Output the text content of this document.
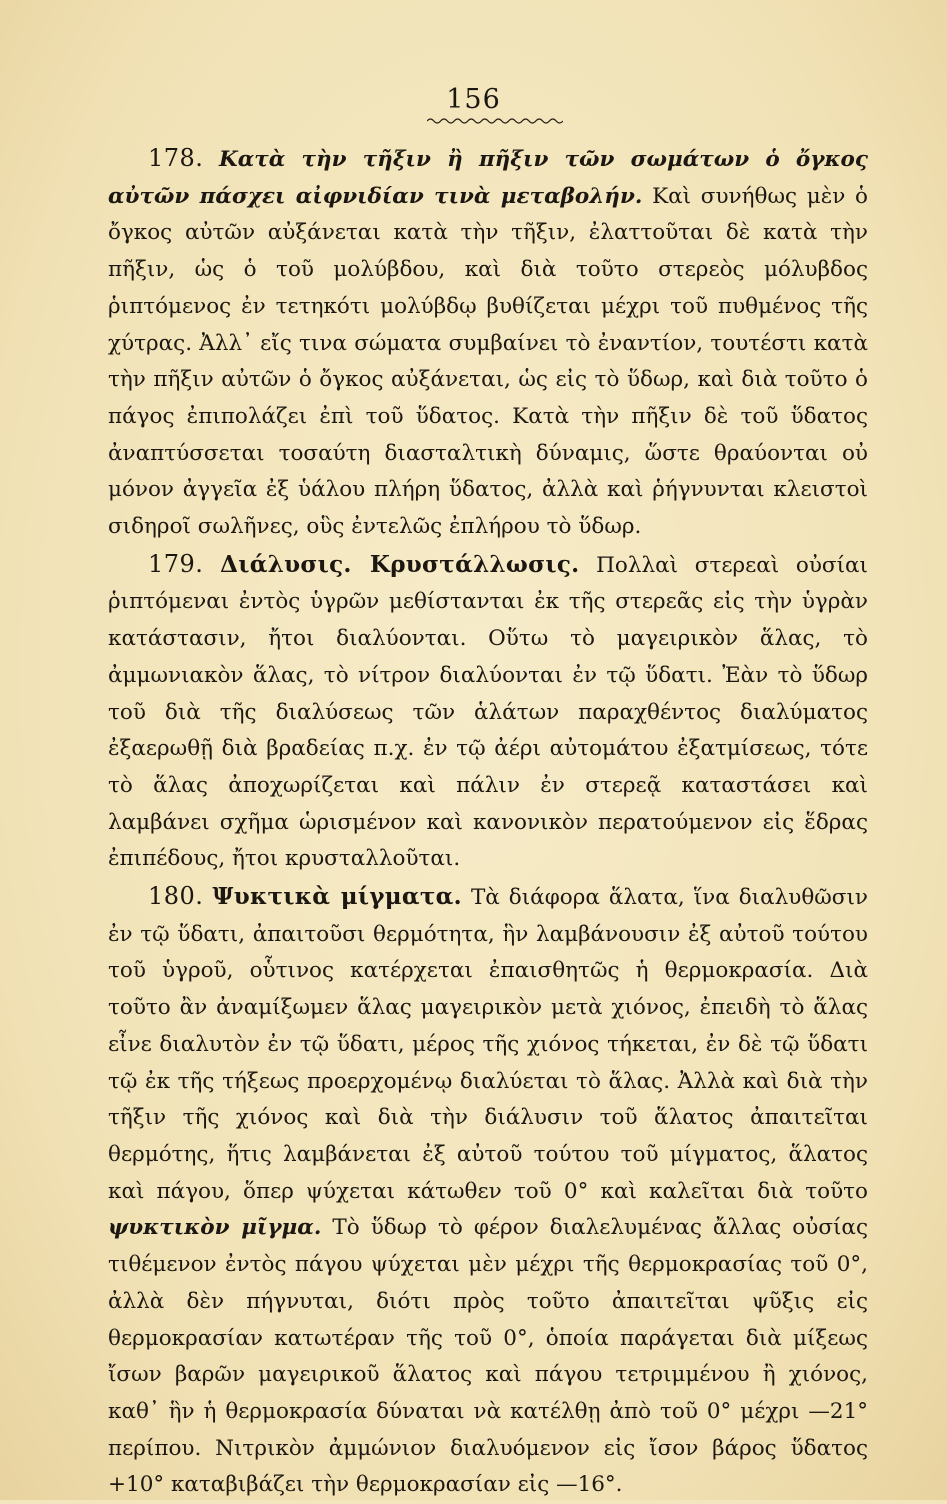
156

178. Κατὰ τὴν τῆξιν ἢ πῆξιν τῶν σωμάτων ὁ ὄγκος αὐτῶν πάσχει αἰφνιδίαν τινὰ μεταβολήν. Καὶ συνήθως μὲν ὁ ὄγκος αὐτῶν αὐξάνεται κατὰ τὴν τῆξιν, ἐλαττοῦται δὲ κατὰ τὴν πῆξιν, ὡς ὁ τοῦ μολύβδου, καὶ διὰ τοῦτο στερεὸς μόλυβδος ῥιπτόμενος ἐν τετηκότι μολύβδῳ βυθίζεται μέχρι τοῦ πυθμένος τῆς χύτρας. Ἀλλ᾽ εἴς τινα σώματα συμβαίνει τὸ ἐναντίον, τουτέστι κατὰ τὴν πῆξιν αὐτῶν ὁ ὄγκος αὐξάνεται, ὡς εἰς τὸ ὕδωρ, καὶ διὰ τοῦτο ὁ πάγος ἐπιπολάζει ἐπὶ τοῦ ὕδατος. Κατὰ τὴν πῆξιν δὲ τοῦ ὕδατος ἀναπτύσσεται τοσαύτη διασταλτικὴ δύναμις, ὥστε θραύονται οὐ μόνον ἀγγεῖα ἐξ ὑάλου πλήρη ὕδατος, ἀλλὰ καὶ ῥήγνυνται κλειστοὶ σιδηροῖ σωλῆνες, οὓς ἐντελῶς ἐπλήρου τὸ ὕδωρ.

179. Διάλυσις. Κρυστάλλωσις. Πολλαὶ στερεαὶ οὐσίαι ῥιπτόμεναι ἐντὸς ὑγρῶν μεθίστανται ἐκ τῆς στερεᾶς εἰς τὴν ὑγρὰν κατάστασιν, ἤτοι διαλύονται. Οὕτω τὸ μαγειρικὸν ἅλας, τὸ ἀμμωνιακὸν ἅλας, τὸ νίτρον διαλύονται ἐν τῷ ὕδατι. Ἐὰν τὸ ὕδωρ τοῦ διὰ τῆς διαλύσεως τῶν ἁλάτων παραχθέντος διαλύματος ἐξαερωθῇ διὰ βραδείας π.χ. ἐν τῷ ἀέρι αὐτομάτου ἐξατμίσεως, τότε τὸ ἅλας ἀποχωρίζεται καὶ πάλιν ἐν στερεᾷ καταστάσει καὶ λαμβάνει σχῆμα ὡρισμένον καὶ κανονικὸν περατούμενον εἰς ἕδρας ἐπιπέδους, ἤτοι κρυσταλλοῦται.

180. Ψυκτικὰ μίγματα. Τὰ διάφορα ἅλατα, ἵνα διαλυθῶσιν ἐν τῷ ὕδατι, ἀπαιτοῦσι θερμότητα, ἣν λαμβάνουσιν ἐξ αὐτοῦ τούτου τοῦ ὑγροῦ, οὗτινος κατέρχεται ἐπαισθητῶς ἡ θερμοκρασία. Διὰ τοῦτο ἂν ἀναμίξωμεν ἅλας μαγειρικὸν μετὰ χιόνος, ἐπειδὴ τὸ ἅλας εἶνε διαλυτὸν ἐν τῷ ὕδατι, μέρος τῆς χιόνος τήκεται, ἐν δὲ τῷ ὕδατι τῷ ἐκ τῆς τήξεως προερχομένῳ διαλύεται τὸ ἅλας. Ἀλλὰ καὶ διὰ τὴν τῆξιν τῆς χιόνος καὶ διὰ τὴν διάλυσιν τοῦ ἅλατος ἀπαιτεῖται θερμότης, ἥτις λαμβάνεται ἐξ αὐτοῦ τούτου τοῦ μίγματος, ἅλατος καὶ πάγου, ὅπερ ψύχεται κάτωθεν τοῦ 0° καὶ καλεῖται διὰ τοῦτο ψυκτικὸν μῖγμα. Τὸ ὕδωρ τὸ φέρον διαλελυμένας ἄλλας οὐσίας τιθέμενον ἐντὸς πάγου ψύχεται μὲν μέχρι τῆς θερμοκρασίας τοῦ 0°, ἀλλὰ δὲν πήγνυται, διότι πρὸς τοῦτο ἀπαιτεῖται ψῦξις εἰς θερμοκρασίαν κατωτέραν τῆς τοῦ 0°, ὁποία παράγεται διὰ μίξεως ἴσων βαρῶν μαγειρικοῦ ἅλατος καὶ πάγου τετριμμένου ἢ χιόνος, καθ᾽ ἣν ἡ θερμοκρασία δύναται νὰ κατέλθῃ ἀπὸ τοῦ 0° μέχρι —21° περίπου. Νιτρικὸν ἀμμώνιον διαλυόμενον εἰς ἴσον βάρος ὕδατος +10° καταβιβάζει τὴν θερμοκρασίαν εἰς —16°.
